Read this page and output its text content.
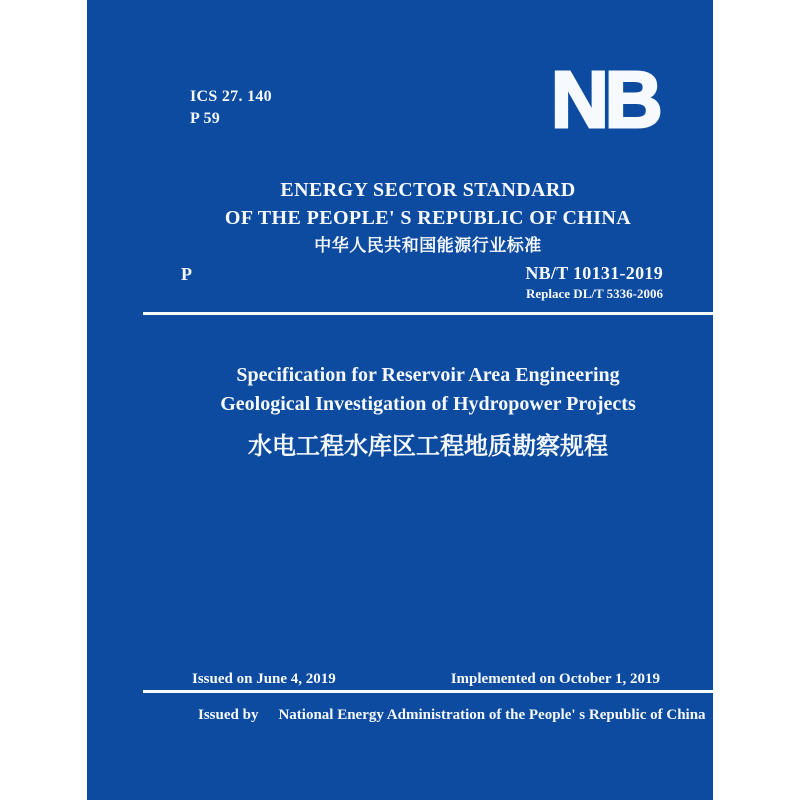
ICS 27. 140
P 59	NB
ENERGY SECTOR STANDARD
OF THE PEOPLE' S REPUBLIC OF CHINA
中华人民共和国能源行业标准
P	NB/T 10131-2019
Replace DL/T 5336-2006
Specification for Reservoir Area Engineering
Geological Investigation of Hydropower Projects
水电工程水库区工程地质勘察规程
Issued on June 4, 2019	Implemented on October 1, 2019
Issued by National Energy Administration of the People' s Republic of China
